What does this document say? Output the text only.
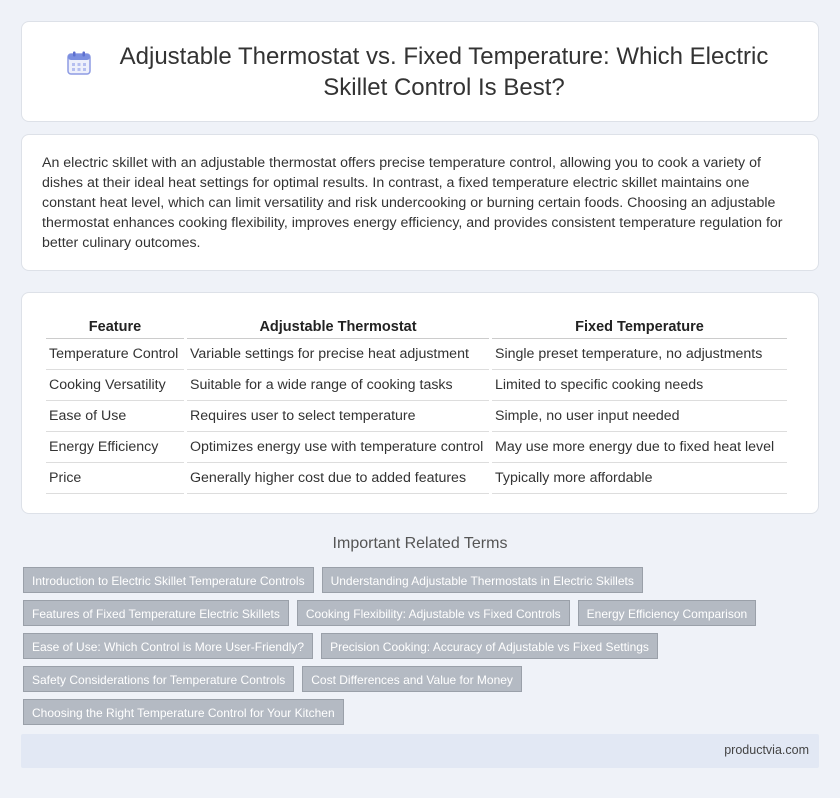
Adjustable Thermostat vs. Fixed Temperature: Which Electric Skillet Control Is Best?

An electric skillet with an adjustable thermostat offers precise temperature control, allowing you to cook a variety of dishes at their ideal heat settings for optimal results. In contrast, a fixed temperature electric skillet maintains one constant heat level, which can limit versatility and risk undercooking or burning certain foods. Choosing an adjustable thermostat enhances cooking flexibility, improves energy efficiency, and provides consistent temperature regulation for better culinary outcomes.

Feature	Adjustable Thermostat	Fixed Temperature
Temperature Control	Variable settings for precise heat adjustment	Single preset temperature, no adjustments
Cooking Versatility	Suitable for a wide range of cooking tasks	Limited to specific cooking needs
Ease of Use	Requires user to select temperature	Simple, no user input needed
Energy Efficiency	Optimizes energy use with temperature control	May use more energy due to fixed heat level
Price	Generally higher cost due to added features	Typically more affordable
Important Related Terms
Introduction to Electric Skillet Temperature Controls	Understanding Adjustable Thermostats in Electric Skillets
Features of Fixed Temperature Electric Skillets	Cooking Flexibility: Adjustable vs Fixed Controls	Energy Efficiency Comparison
Ease of Use: Which Control is More User-Friendly?	Precision Cooking: Accuracy of Adjustable vs Fixed Settings
Safety Considerations for Temperature Controls	Cost Differences and Value for Money
Choosing the Right Temperature Control for Your Kitchen
productvia.com
